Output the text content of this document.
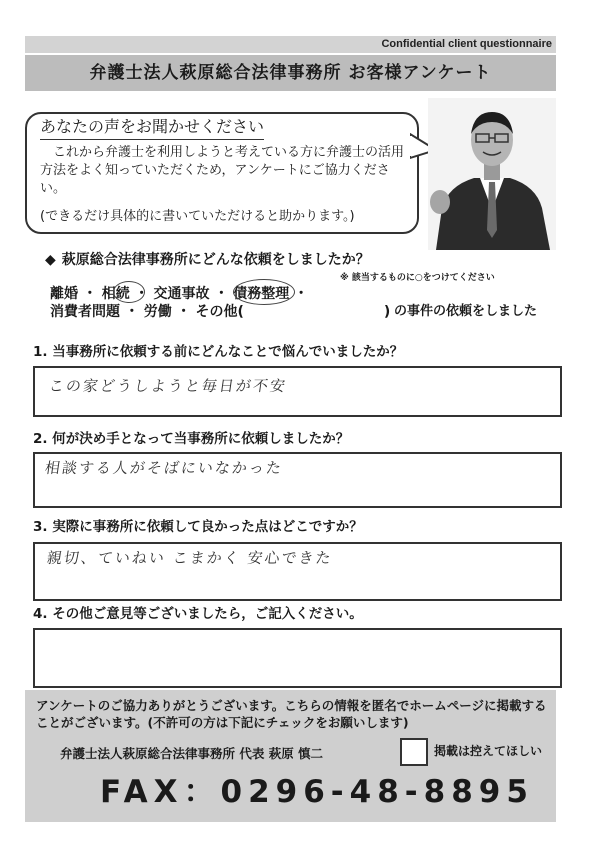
Confidential client questionnaire
弁護士法人萩原総合法律事務所 お客様アンケート
あなたの声をお聞かせください
これから弁護士を利用しようと考えている方に弁護士の活用方法をよく知っていただくため，アンケートにご協力ください。
(できるだけ具体的に書いていただけると助かります。)
◆ 萩原総合法律事務所にどんな依頼をしましたか？
※ 該当するものに○をつけてください
離婚 ・ 相続 ・ 交通事故 ・ 債務整理 ・
消費者問題 ・ 労働 ・ その他(　　　　　　　　　　) の事件の依頼をしました
1. 当事務所に依頼する前にどんなことで悩んでいましたか？
この家どうしようと毎日が不安
2. 何が決め手となって当事務所に依頼しましたか？
相談する人がそばにいなかった
3. 実際に事務所に依頼して良かった点はどこですか？
親切、ていねい こまかく 安心できた
4. その他ご意見等ございましたら，ご記入ください。
アンケートのご協力ありがとうございます。こちらの情報を匿名でホームページに掲載することがございます。(不許可の方は下記にチェックをお願いします)
弁護士法人萩原総合法律事務所 代表 萩原 慎二	掲載は控えてほしい
FAX：0296-48-8895
